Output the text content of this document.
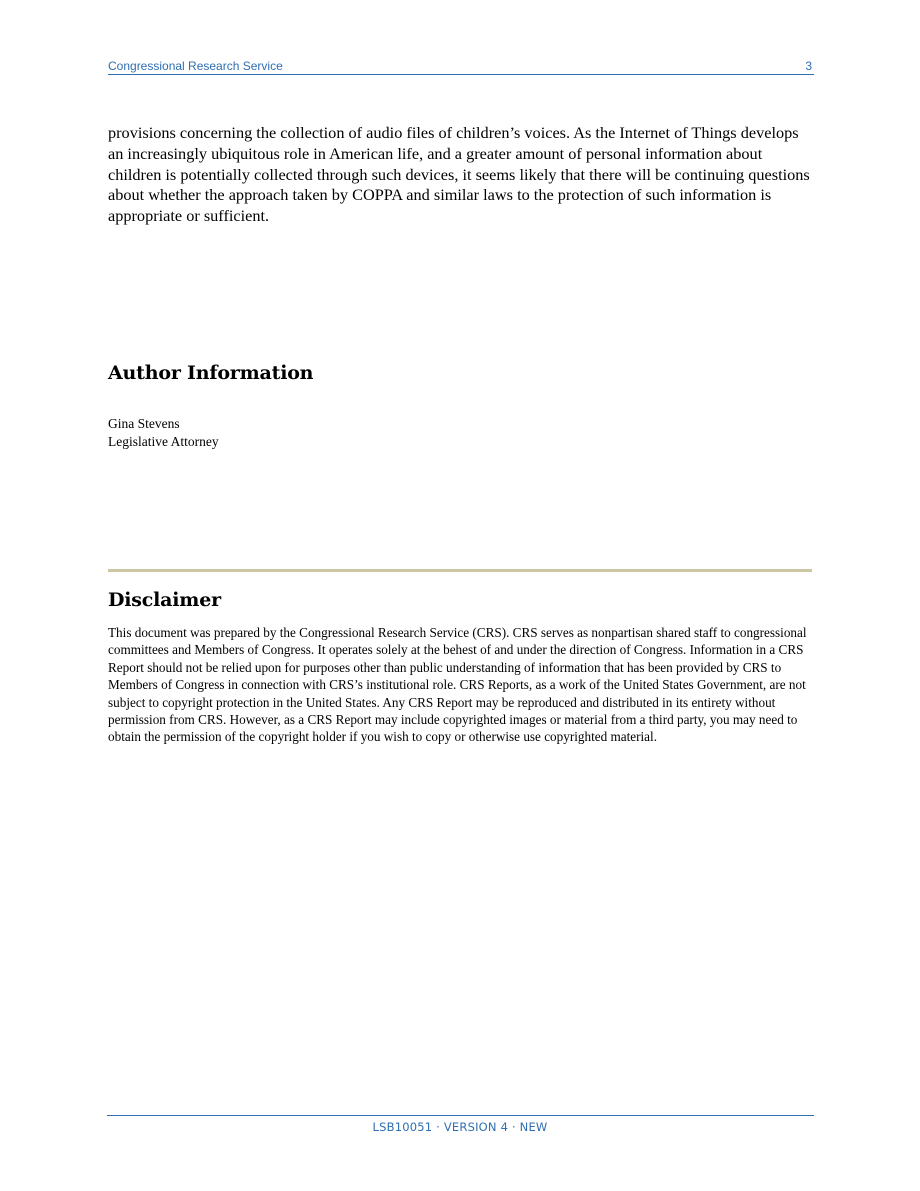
Congressional Research Service	3

provisions concerning the collection of audio files of children’s voices. As the Internet of Things develops an increasingly ubiquitous role in American life, and a greater amount of personal information about children is potentially collected through such devices, it seems likely that there will be continuing questions about whether the approach taken by COPPA and similar laws to the protection of such information is appropriate or sufficient.

Author Information
Gina Stevens
Legislative Attorney
Disclaimer

This document was prepared by the Congressional Research Service (CRS). CRS serves as nonpartisan shared staff to congressional committees and Members of Congress. It operates solely at the behest of and under the direction of Congress. Information in a CRS Report should not be relied upon for purposes other than public understanding of information that has been provided by CRS to Members of Congress in connection with CRS’s institutional role. CRS Reports, as a work of the United States Government, are not subject to copyright protection in the United States. Any CRS Report may be reproduced and distributed in its entirety without permission from CRS. However, as a CRS Report may include copyrighted images or material from a third party, you may need to obtain the permission of the copyright holder if you wish to copy or otherwise use copyrighted material.

LSB10051 · VERSION 4 · NEW
